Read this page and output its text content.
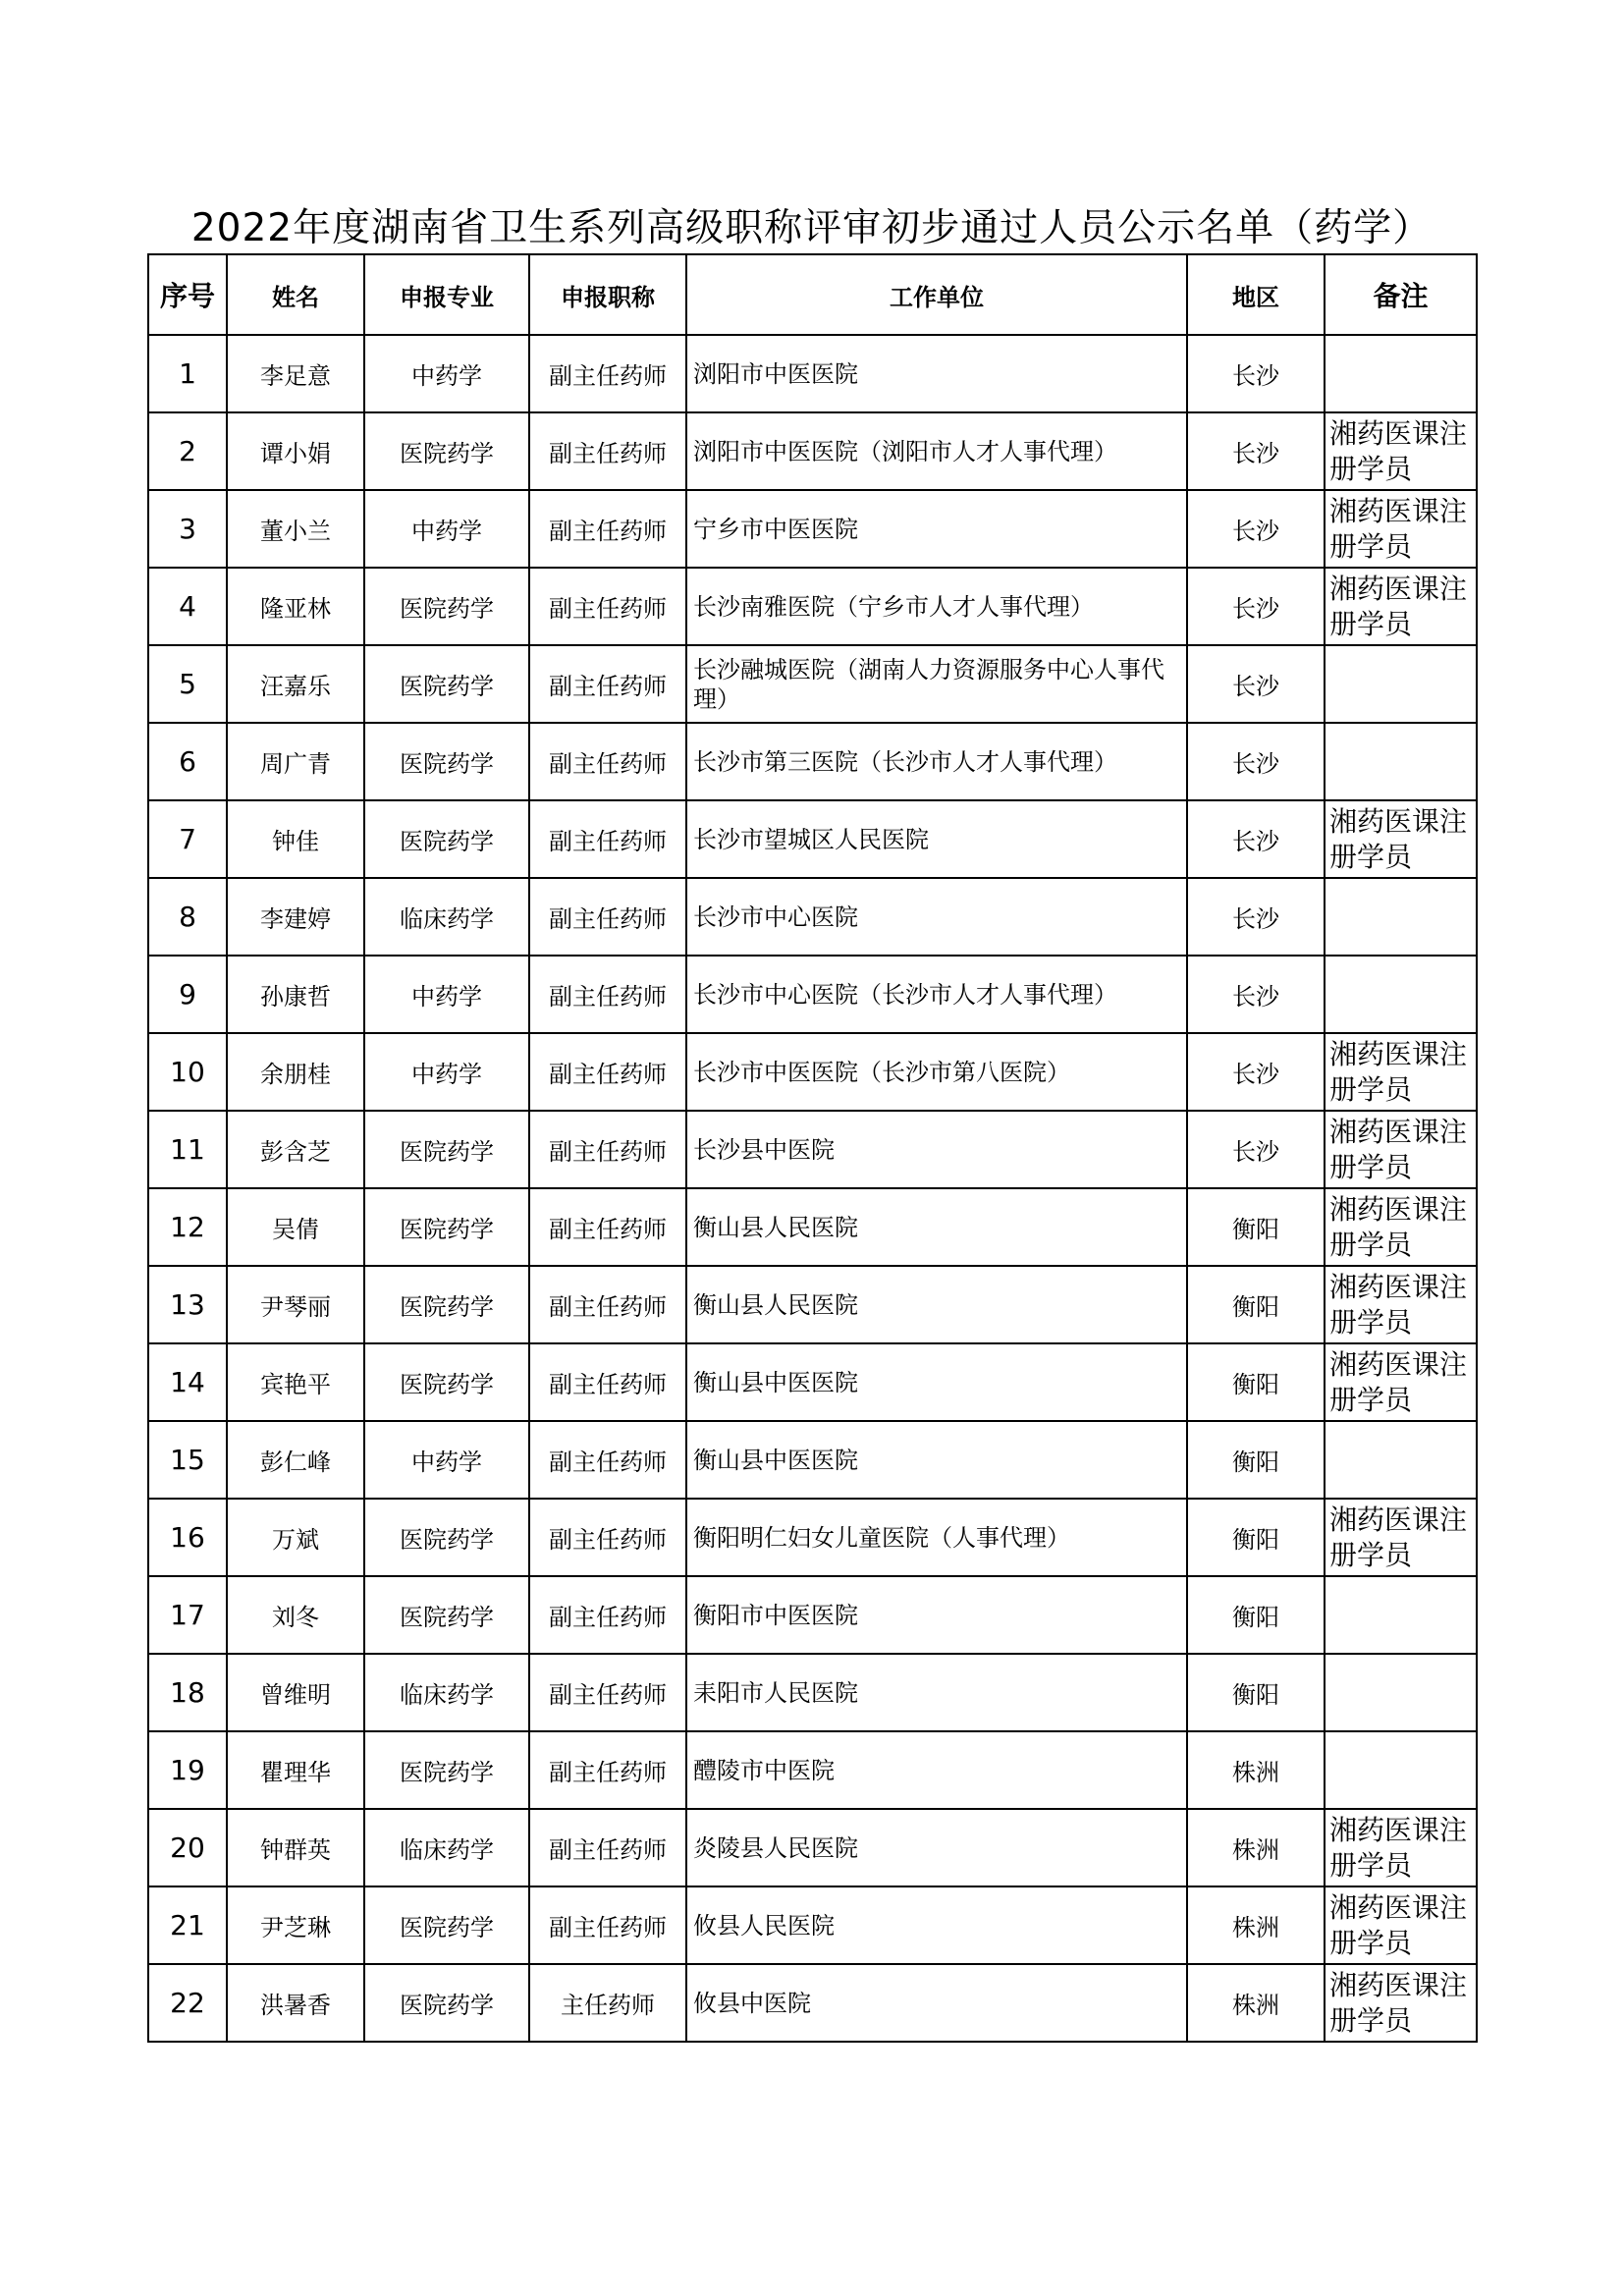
2022年度湖南省卫生系列高级职称评审初步通过人员公示名单（药学）
序号	姓名	申报专业	申报职称	工作单位	地区	备注
1	李足意	中药学	副主任药师	浏阳市中医医院	长沙	
2	谭小娟	医院药学	副主任药师	浏阳市中医医院（浏阳市人才人事代理）	长沙	湘药医课注册学员
3	董小兰	中药学	副主任药师	宁乡市中医医院	长沙	湘药医课注册学员
4	隆亚林	医院药学	副主任药师	长沙南雅医院（宁乡市人才人事代理）	长沙	湘药医课注册学员
5	汪嘉乐	医院药学	副主任药师	长沙融城医院（湖南人力资源服务中心人事代理）	长沙	
6	周广青	医院药学	副主任药师	长沙市第三医院（长沙市人才人事代理）	长沙	
7	钟佳	医院药学	副主任药师	长沙市望城区人民医院	长沙	湘药医课注册学员
8	李建婷	临床药学	副主任药师	长沙市中心医院	长沙	
9	孙康哲	中药学	副主任药师	长沙市中心医院（长沙市人才人事代理）	长沙	
10	余朋桂	中药学	副主任药师	长沙市中医医院（长沙市第八医院）	长沙	湘药医课注册学员
11	彭含芝	医院药学	副主任药师	长沙县中医院	长沙	湘药医课注册学员
12	吴倩	医院药学	副主任药师	衡山县人民医院	衡阳	湘药医课注册学员
13	尹琴丽	医院药学	副主任药师	衡山县人民医院	衡阳	湘药医课注册学员
14	宾艳平	医院药学	副主任药师	衡山县中医医院	衡阳	湘药医课注册学员
15	彭仁峰	中药学	副主任药师	衡山县中医医院	衡阳	
16	万斌	医院药学	副主任药师	衡阳明仁妇女儿童医院（人事代理）	衡阳	湘药医课注册学员
17	刘冬	医院药学	副主任药师	衡阳市中医医院	衡阳	
18	曾维明	临床药学	副主任药师	耒阳市人民医院	衡阳	
19	瞿理华	医院药学	副主任药师	醴陵市中医院	株洲	
20	钟群英	临床药学	副主任药师	炎陵县人民医院	株洲	湘药医课注册学员
21	尹芝琳	医院药学	副主任药师	攸县人民医院	株洲	湘药医课注册学员
22	洪暑香	医院药学	主任药师	攸县中医院	株洲	湘药医课注册学员
